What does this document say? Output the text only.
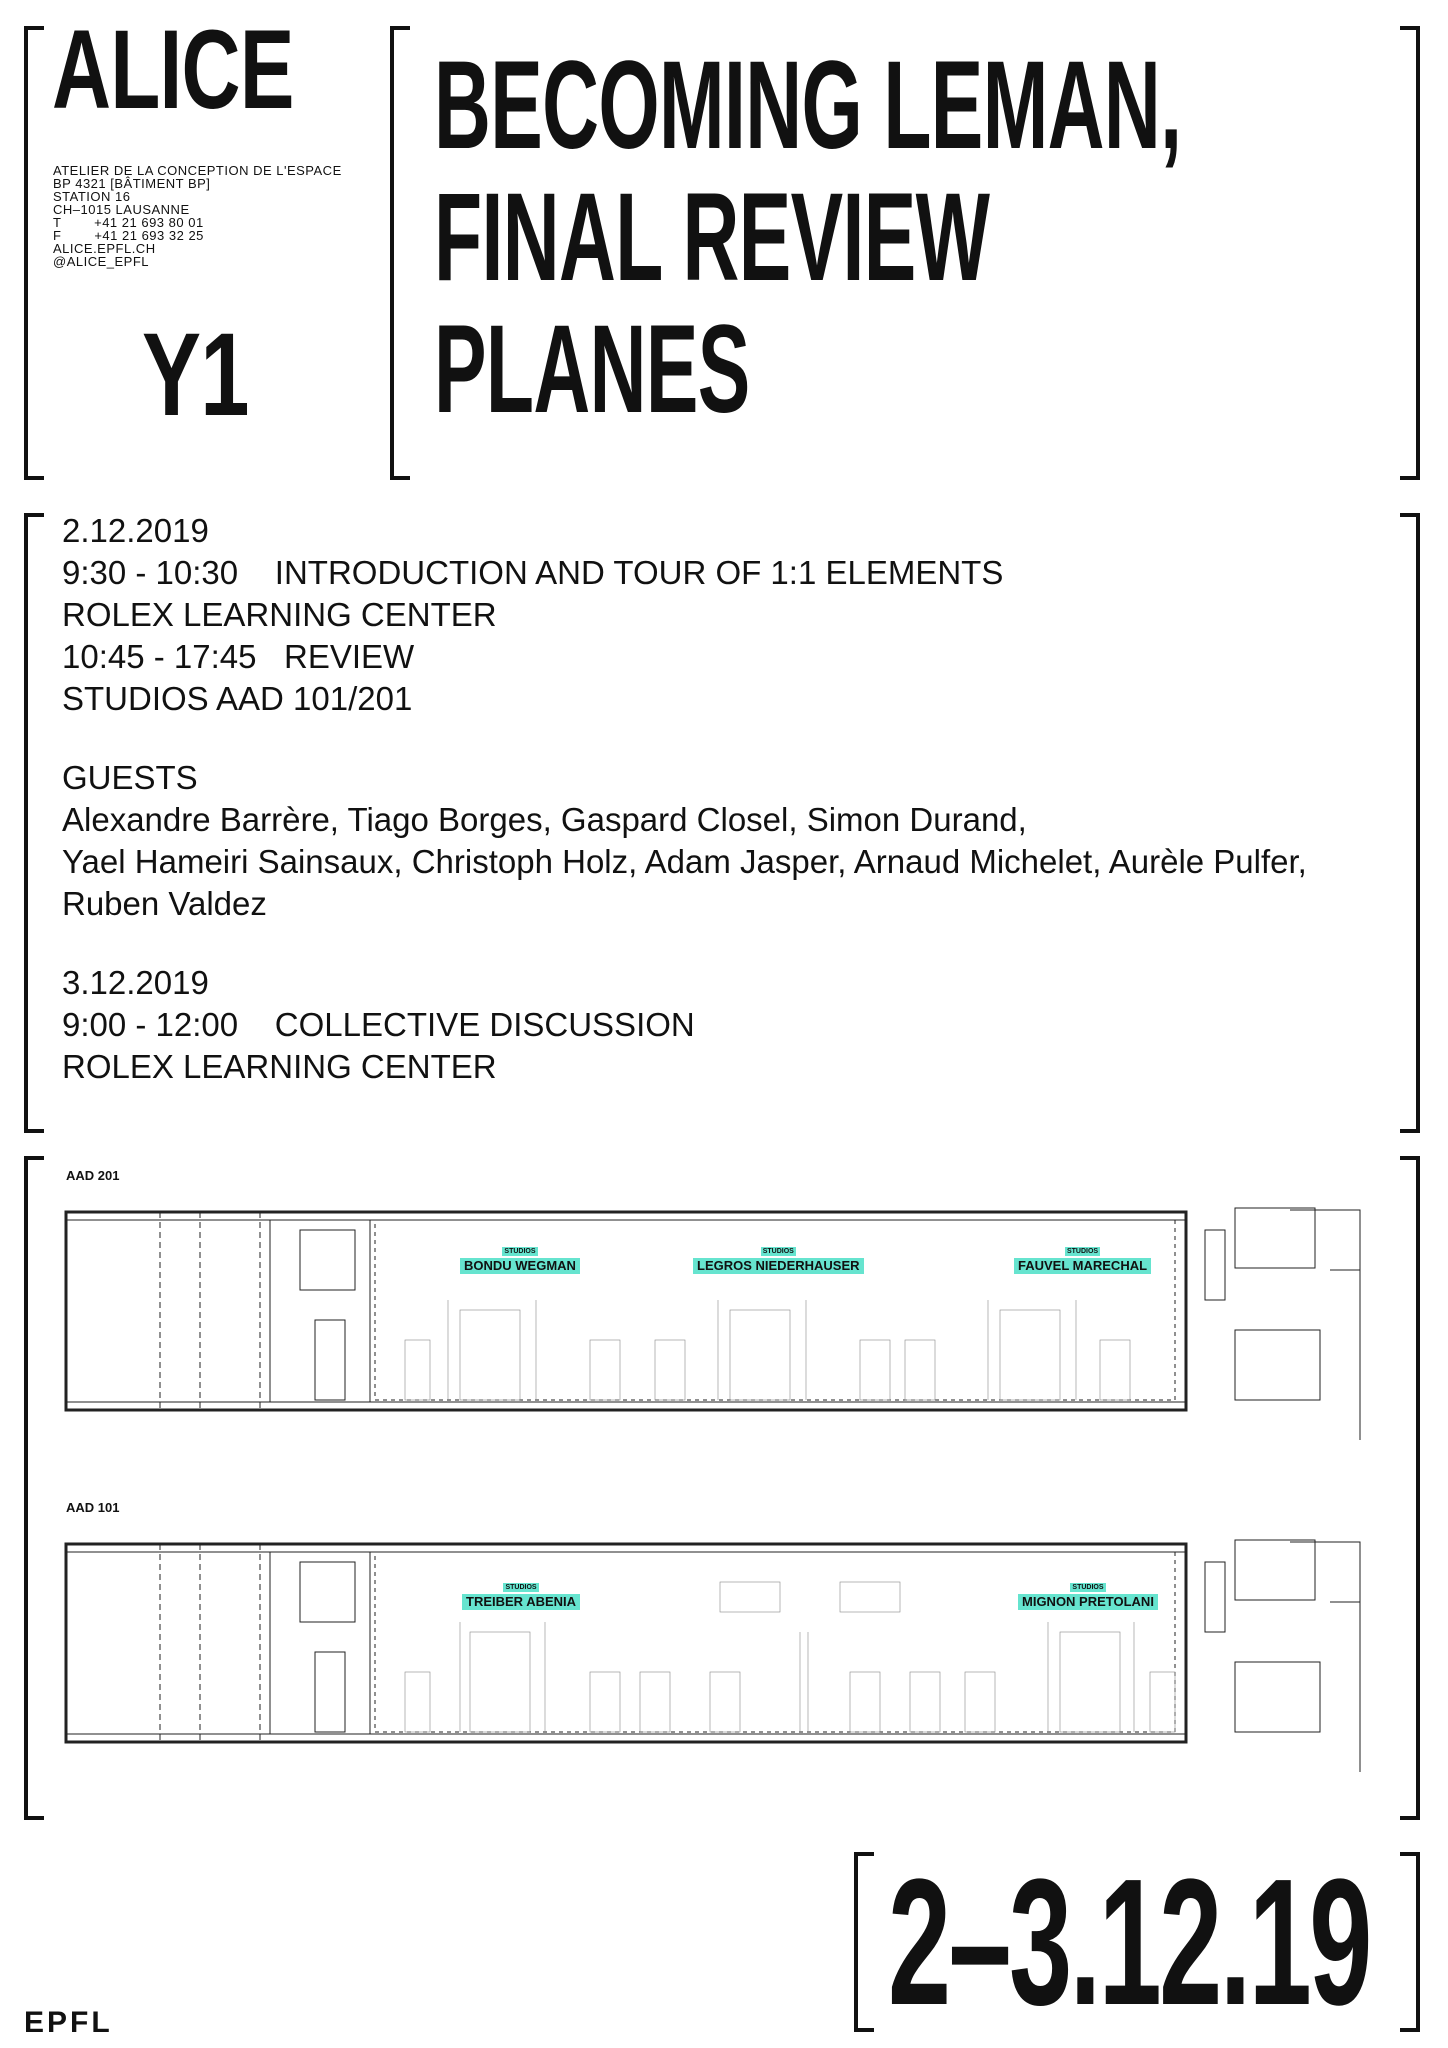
ALICE
ATELIER DE LA CONCEPTION DE L'ESPACE
BP 4321 [BÂTIMENT BP]
STATION 16
CH–1015 LAUSANNE
T        +41 21 693 80 01
F        +41 21 693 32 25
ALICE.EPFL.CH
@ALICE_EPFL
Y1
BECOMING LEMAN,
FINAL REVIEW
PLANES
2.12.2019
9:30 - 10:30    INTRODUCTION AND TOUR OF 1:1 ELEMENTS
ROLEX LEARNING CENTER
10:45 - 17:45   REVIEW
STUDIOS AAD 101/201
GUESTS
Alexandre Barrère, Tiago Borges, Gaspard Closel, Simon Durand,
Yael Hameiri Sainsaux, Christoph Holz, Adam Jasper, Arnaud Michelet, Aurèle Pulfer,
Ruben Valdez
3.12.2019
9:00 - 12:00    COLLECTIVE DISCUSSION
ROLEX LEARNING CENTER
AAD 201
STUDIOS
BONDU WEGMAN
STUDIOS
LEGROS NIEDERHAUSER
STUDIOS
FAUVEL MARECHAL
AAD 101
STUDIOS
TREIBER ABENIA
STUDIOS
MIGNON PRETOLANI
2–3.12.19
EPFL
